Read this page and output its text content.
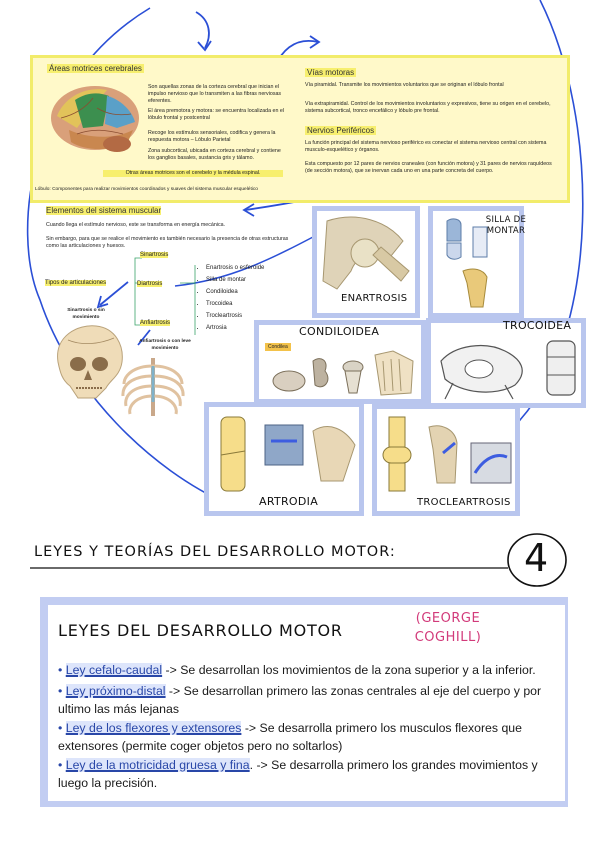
Áreas motrices cerebrales
Son aquellas zonas de la corteza cerebral que inician el impulso nervioso que lo transmiten a las fibras nerviosas eferentes.
El área premotora y motora: se encuentra localizada en el lóbulo frontal y postcentral
Recoge los estímulos sensoriales, codifica y genera la respuesta motora – Lóbulo Parietal
Zona subcortical, ubicada en corteza cerebral y contiene los ganglios basales, sustancia gris y tálamo.
Otras áreas motrices son el cerebelo y la médula espinal.
Lóbulo: Componentes para realizar movimientos coordinados y suaves del sistema muscular esquelético
Vías motoras
Vía piramidal. Transmite los movimientos voluntarios que se originan el lóbulo frontal
Vía extrapiramidal. Control de los movimientos involuntarios y expresivos, tiene su origen en el cerebelo, sistema subcortical, tronco encefálico y lóbulo pre frontal.
Nervios Periféricos
La función principal del sistema nervioso periférico es conectar el sistema nervioso central con sistema musculo-esquelético y órganos.
Esta compuesto por 12 pares de nervios craneales (con función motora) y 31 pares de nervios raquídeos (de sección motora), que se inervan cada uno en una parte concreta del cuerpo.
Elementos del sistema muscular
Cuando llega el estímulo nervioso, este se transforma en energía mecánica.
Sin embargo, para que se realice el movimiento es también necesario la presencia de otras estructuras como las articulaciones y huesos.
Tipos de articulaciones
Sinartrosis
Diartrosis
Anfiartrosis
• Enartrosis o esferoide
• Silla de montar
• Condiloidea
• Trocoidea
• Trocleartrosis
• Artrosia
Sinartrosis o sin movimiento
Anfiartrosis o con leve movimiento
ENARTROSIS
SILLA DE MONTAR
CONDILOIDEA
Condilea
TROCOIDEA
ARTRODIA	TROCLEARTROSIS
LEYES Y TEORÍAS DEL DESARROLLO MOTOR:	4
LEYES DEL DESARROLLO MOTOR
(GEORGE COGHILL)
• Ley cefalo-caudal -> Se desarrollan los movimientos de la zona superior y a la inferior.
• Ley próximo-distal -> Se desarrollan primero las zonas centrales al eje del cuerpo y por ultimo las más lejanas
• Ley de los flexores y extensores -> Se desarrolla primero los musculos flexores que extensores (permite coger objetos pero no soltarlos)
• Ley de la motricidad gruesa y fina. -> Se desarrolla primero los grandes movimientos y luego la precisión.
